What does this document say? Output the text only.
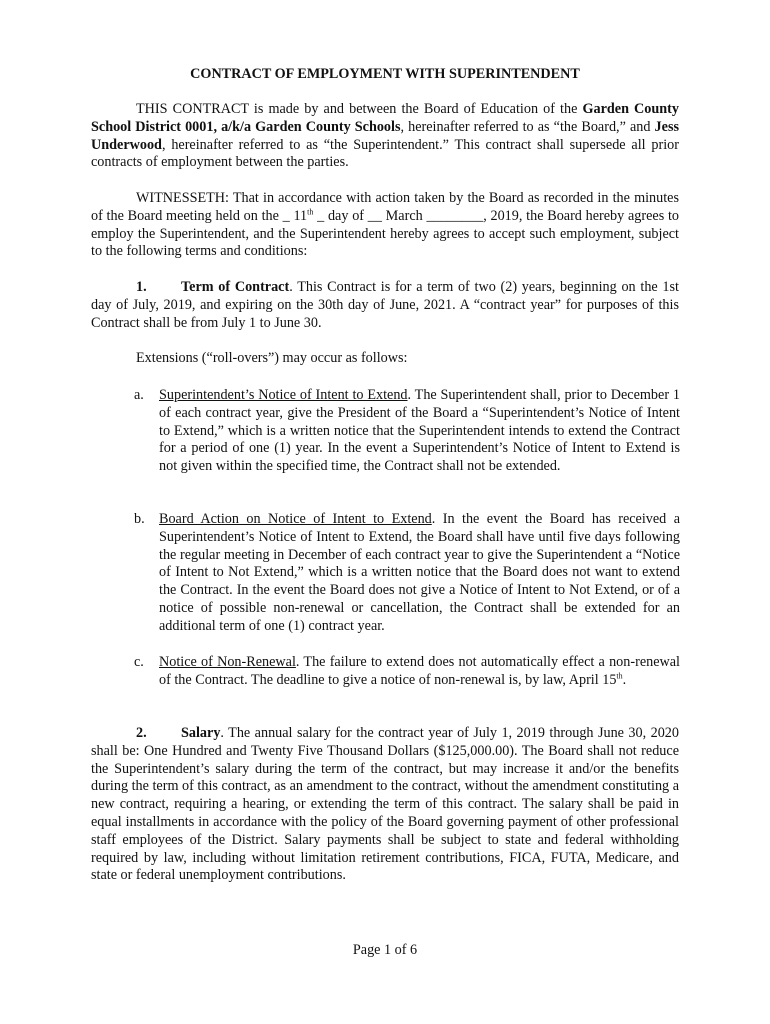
CONTRACT OF EMPLOYMENT WITH SUPERINTENDENT

THIS CONTRACT is made by and between the Board of Education of the Garden County School District 0001, a/k/a Garden County Schools, hereinafter referred to as “the Board,” and Jess Underwood, hereinafter referred to as “the Superintendent.” This contract shall supersede all prior contracts of employment between the parties.

WITNESSETH: That in accordance with action taken by the Board as recorded in the minutes of the Board meeting held on the _ 11th _ day of __ March ________, 2019, the Board hereby agrees to employ the Superintendent, and the Superintendent hereby agrees to accept such employment, subject to the following terms and conditions:

1. Term of Contract. This Contract is for a term of two (2) years, beginning on the 1st day of July, 2019, and expiring on the 30th day of June, 2021. A “contract year” for purposes of this Contract shall be from July 1 to June 30.

Extensions (“roll-overs”) may occur as follows:

a. Superintendent’s Notice of Intent to Extend. The Superintendent shall, prior to December 1 of each contract year, give the President of the Board a “Superintendent’s Notice of Intent to Extend,” which is a written notice that the Superintendent intends to extend the Contract for a period of one (1) year. In the event a Superintendent’s Notice of Intent to Extend is not given within the specified time, the Contract shall not be extended.

b. Board Action on Notice of Intent to Extend. In the event the Board has received a Superintendent’s Notice of Intent to Extend, the Board shall have until five days following the regular meeting in December of each contract year to give the Superintendent a “Notice of Intent to Not Extend,” which is a written notice that the Board does not want to extend the Contract. In the event the Board does not give a Notice of Intent to Not Extend, or of a notice of possible non-renewal or cancellation, the Contract shall be extended for an additional term of one (1) contract year.

c. Notice of Non-Renewal. The failure to extend does not automatically effect a non-renewal of the Contract. The deadline to give a notice of non-renewal is, by law, April 15th.

2. Salary. The annual salary for the contract year of July 1, 2019 through June 30, 2020 shall be: One Hundred and Twenty Five Thousand Dollars ($125,000.00). The Board shall not reduce the Superintendent’s salary during the term of the contract, but may increase it and/or the benefits during the term of this contract, as an amendment to the contract, without the amendment constituting a new contract, requiring a hearing, or extending the term of this contract. The salary shall be paid in equal installments in accordance with the policy of the Board governing payment of other professional staff employees of the District. Salary payments shall be subject to state and federal withholding required by law, including without limitation retirement contributions, FICA, FUTA, Medicare, and state or federal unemployment contributions.

Page 1 of 6
